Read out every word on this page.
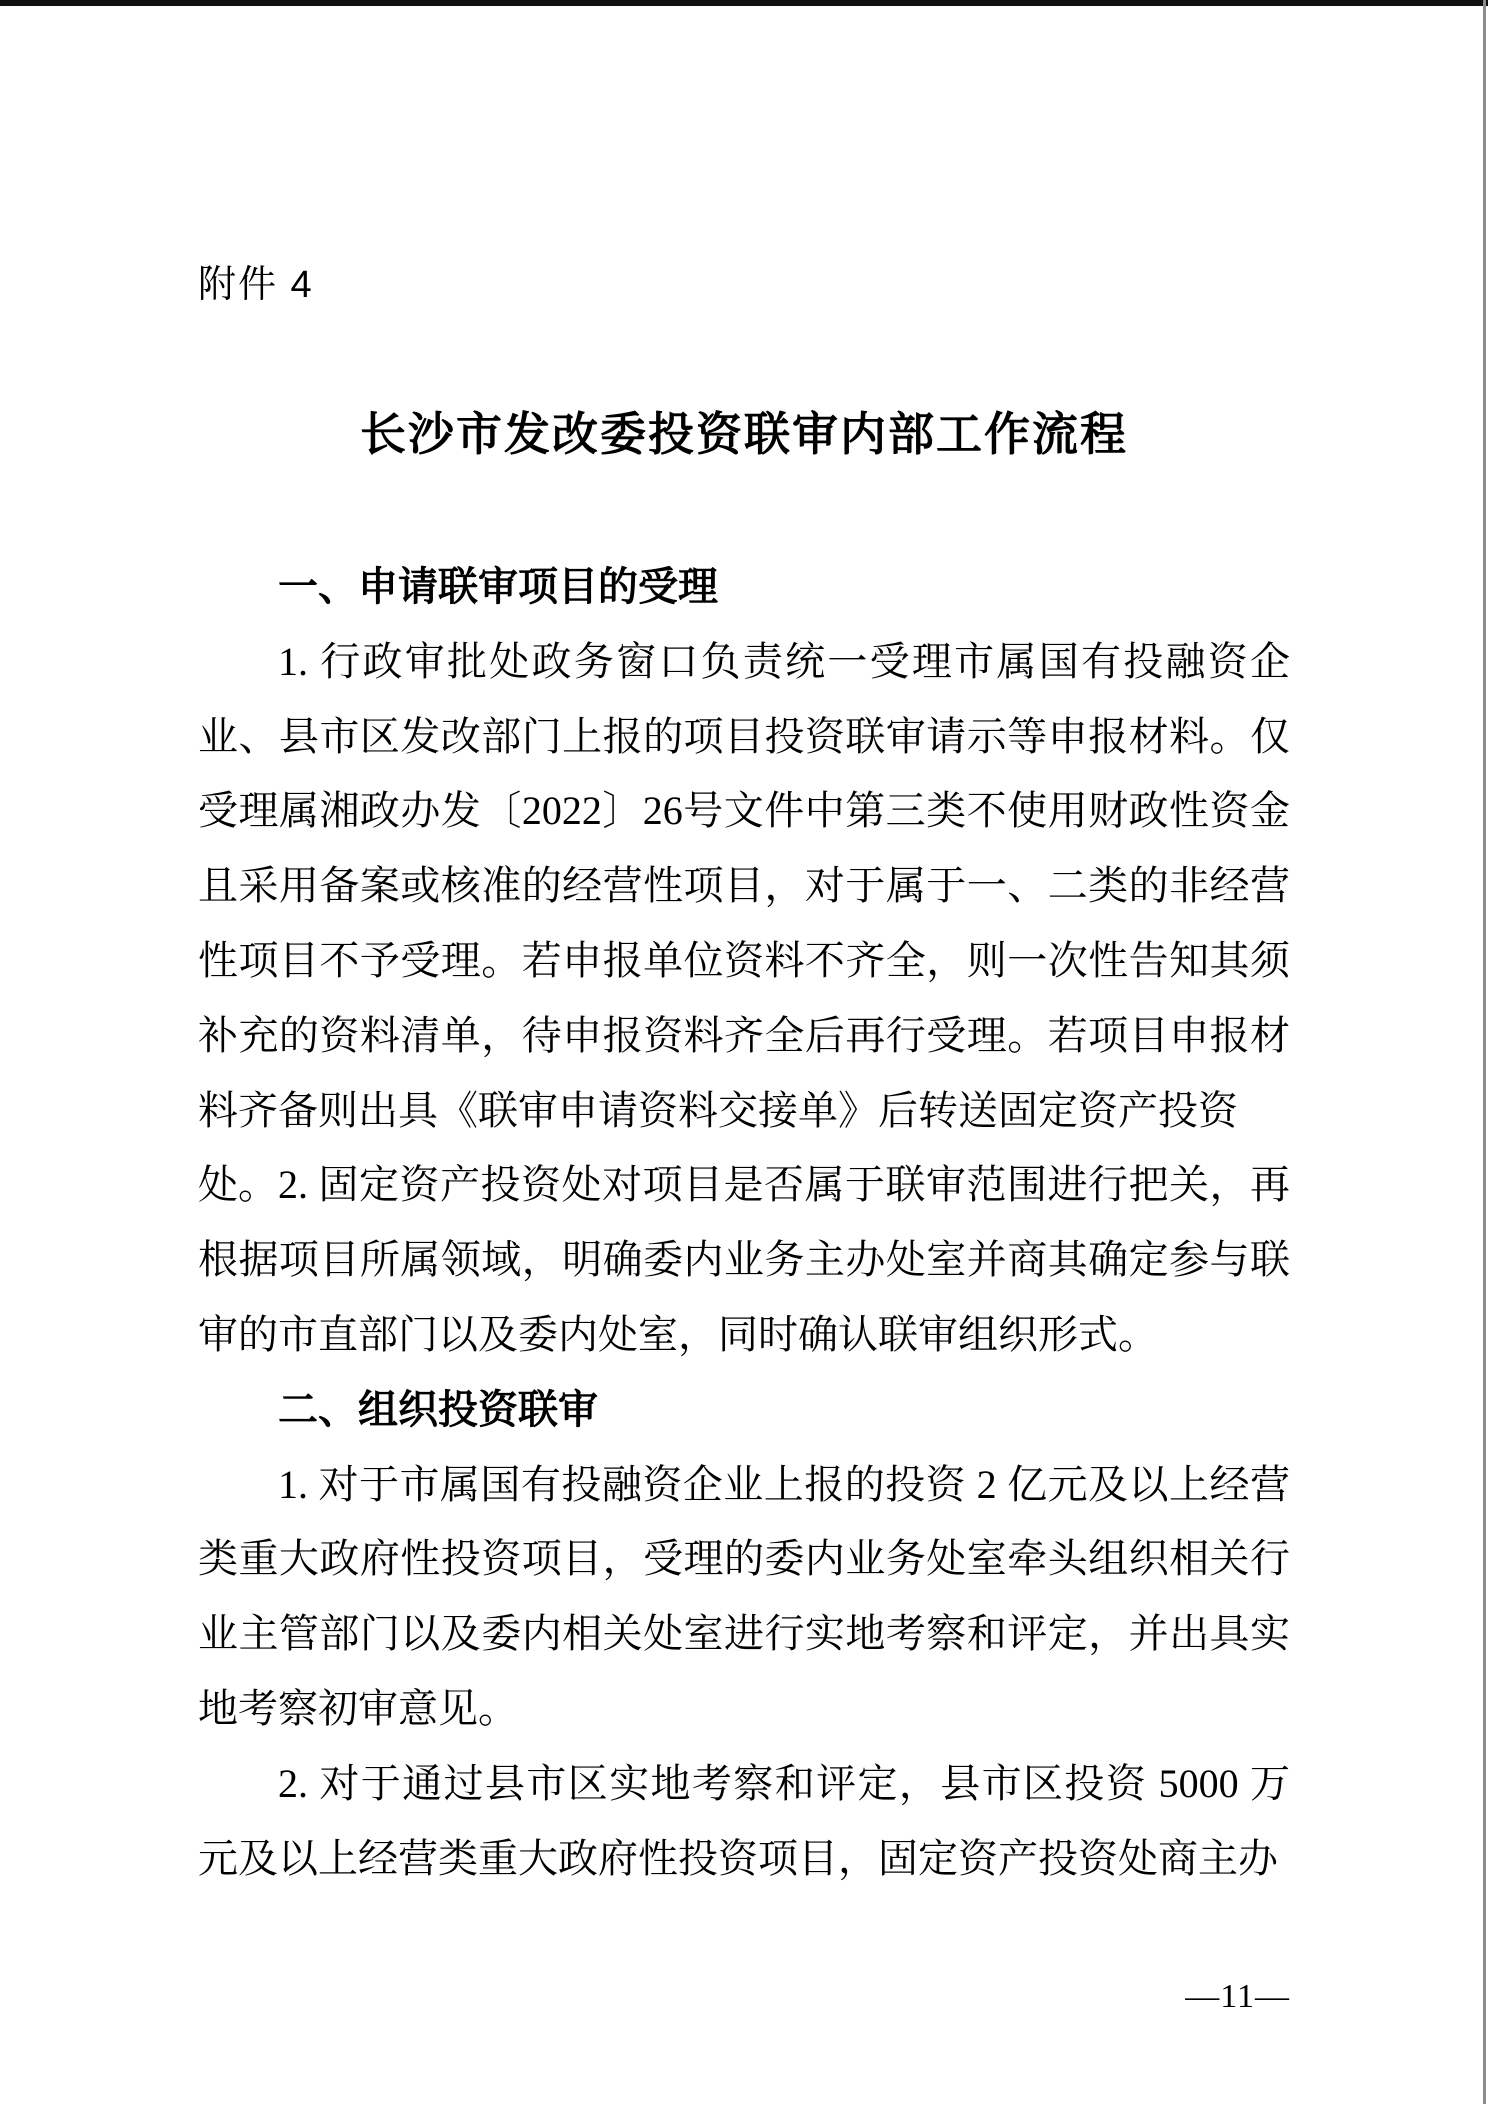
附件 4
长沙市发改委投资联审内部工作流程
一、申请联审项目的受理
1. 行政审批处政务窗口负责统一受理市属国有投融资企
业、县市区发改部门上报的项目投资联审请示等申报材料。仅
受理属湘政办发〔2022〕26号文件中第三类不使用财政性资金
且采用备案或核准的经营性项目，对于属于一、二类的非经营
性项目不予受理。若申报单位资料不齐全，则一次性告知其须
补充的资料清单，待申报资料齐全后再行受理。若项目申报材
料齐备则出具《联审申请资料交接单》后转送固定资产投资处。 2. 固定资产投资处对项目是否属于联审范围进行把关，再
根据项目所属领域，明确委内业务主办处室并商其确定参与联
审的市直部门以及委内处室，同时确认联审组织形式。
二、组织投资联审
1. 对于市属国有投融资企业上报的投资 2 亿元及以上经营
类重大政府性投资项目，受理的委内业务处室牵头组织相关行
业主管部门以及委内相关处室进行实地考察和评定，并出具实
地考察初审意见。
2. 对于通过县市区实地考察和评定，县市区投资 5000 万
元及以上经营类重大政府性投资项目，固定资产投资处商主办
—11—
